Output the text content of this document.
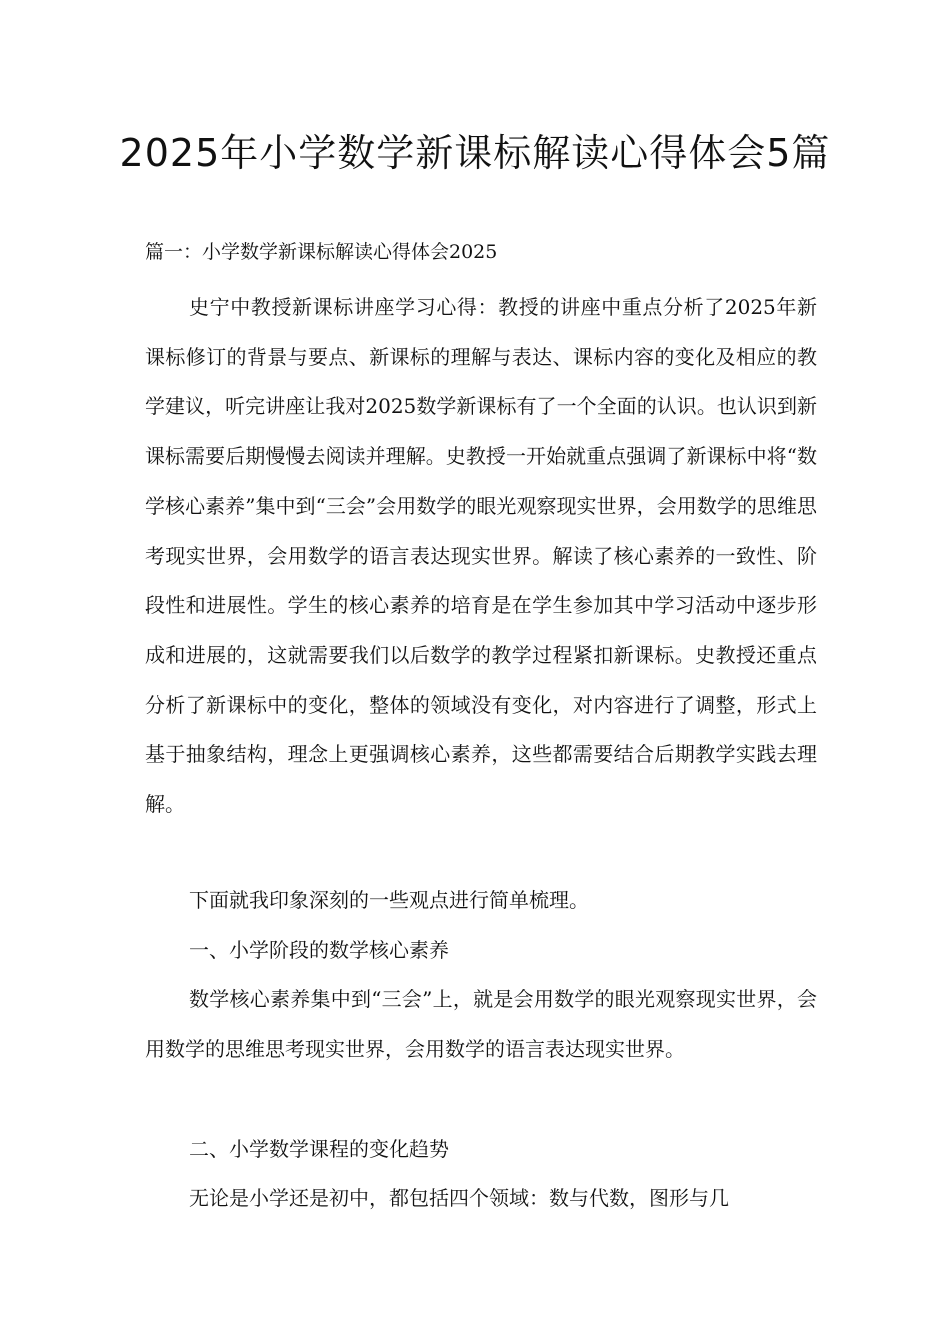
2025年小学数学新课标解读心得体会5篇

篇一：小学数学新课标解读心得体会2025

史宁中教授新课标讲座学习心得：教授的讲座中重点分析了2025年新课标修订的背景与要点、新课标的理解与表达、课标内容的变化及相应的教学建议，听完讲座让我对2025数学新课标有了一个全面的认识。也认识到新课标需要后期慢慢去阅读并理解。史教授一开始就重点强调了新课标中将“数学核心素养”集中到“三会”会用数学的眼光观察现实世界，会用数学的思维思考现实世界，会用数学的语言表达现实世界。解读了核心素养的一致性、阶段性和进展性。学生的核心素养的培育是在学生参加其中学习活动中逐步形成和进展的，这就需要我们以后数学的教学过程紧扣新课标。史教授还重点分析了新课标中的变化，整体的领域没有变化，对内容进行了调整，形式上基于抽象结构，理念上更强调核心素养，这些都需要结合后期教学实践去理解。

下面就我印象深刻的一些观点进行简单梳理。

一、小学阶段的数学核心素养

数学核心素养集中到“三会”上，就是会用数学的眼光观察现实世界，会用数学的思维思考现实世界，会用数学的语言表达现实世界。

二、小学数学课程的变化趋势

无论是小学还是初中，都包括四个领域：数与代数，图形与几
